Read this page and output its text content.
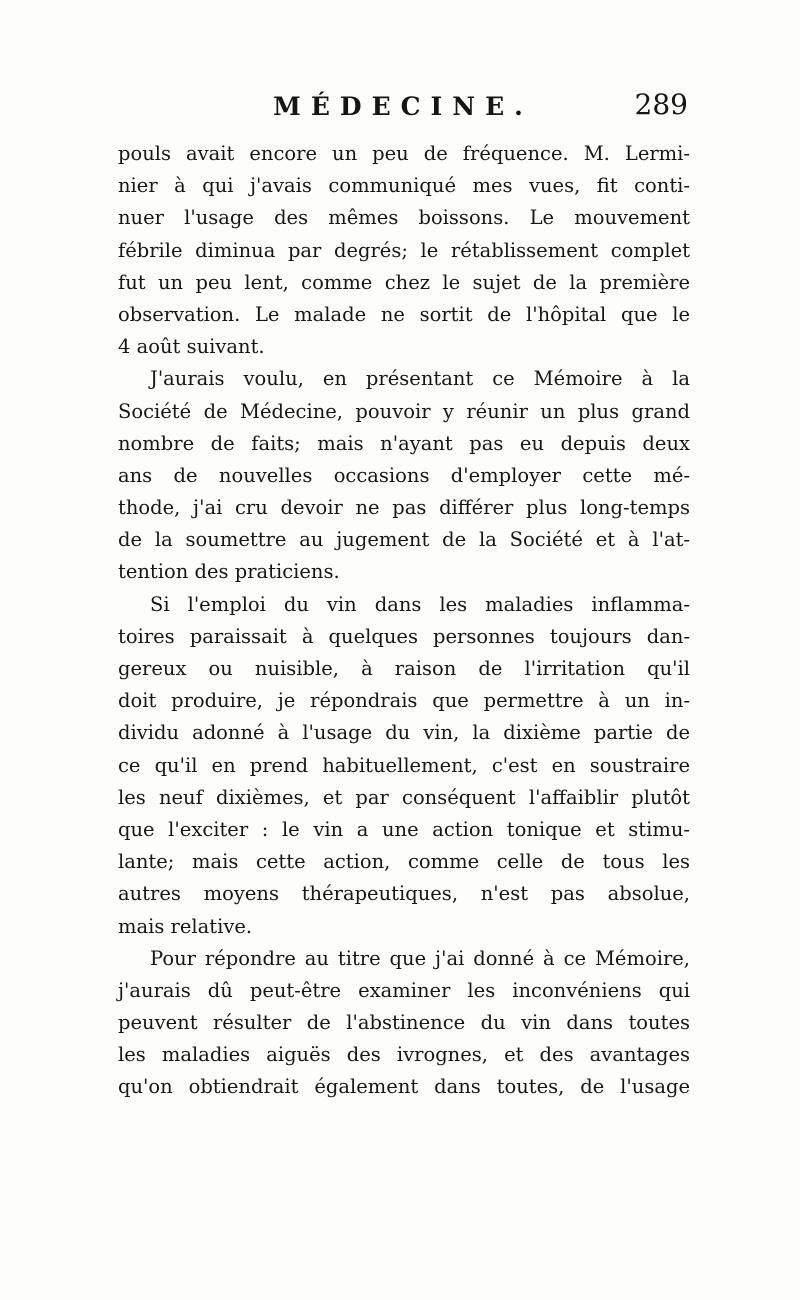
MÉDECINE.	289
pouls avait encore un peu de fréquence. M. Lermi-
nier à qui j'avais communiqué mes vues, fit conti-
nuer l'usage des mêmes boissons. Le mouvement
fébrile diminua par degrés; le rétablissement complet
fut un peu lent, comme chez le sujet de la première
observation. Le malade ne sortit de l'hôpital que le
4 août suivant.
J'aurais voulu, en présentant ce Mémoire à la
Société de Médecine, pouvoir y réunir un plus grand
nombre de faits; mais n'ayant pas eu depuis deux
ans de nouvelles occasions d'employer cette mé-
thode, j'ai cru devoir ne pas différer plus long-temps
de la soumettre au jugement de la Société et à l'at-
tention des praticiens.
Si l'emploi du vin dans les maladies inflamma-
toires paraissait à quelques personnes toujours dan-
gereux ou nuisible, à raison de l'irritation qu'il
doit produire, je répondrais que permettre à un in-
dividu adonné à l'usage du vin, la dixième partie de
ce qu'il en prend habituellement, c'est en soustraire
les neuf dixièmes, et par conséquent l'affaiblir plutôt
que l'exciter : le vin a une action tonique et stimu-
lante; mais cette action, comme celle de tous les
autres moyens thérapeutiques, n'est pas absolue,
mais relative.
Pour répondre au titre que j'ai donné à ce Mémoire,
j'aurais dû peut-être examiner les inconvéniens qui
peuvent résulter de l'abstinence du vin dans toutes
les maladies aiguës des ivrognes, et des avantages
qu'on obtiendrait également dans toutes, de l'usage
